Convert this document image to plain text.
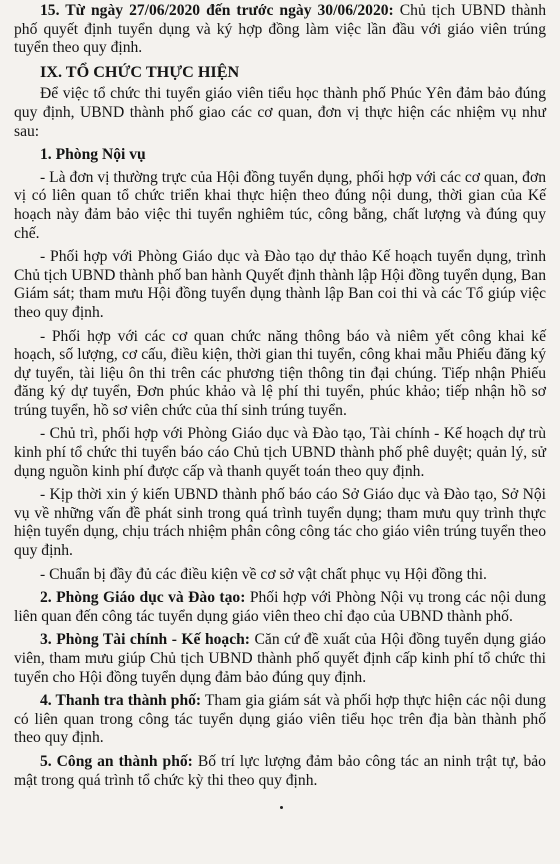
15. Từ ngày 27/06/2020 đến trước ngày 30/06/2020: Chủ tịch UBND thành phố quyết định tuyển dụng và ký hợp đồng làm việc lần đầu với giáo viên trúng tuyển theo quy định.

IX. TỔ CHỨC THỰC HIỆN

Để việc tổ chức thi tuyển giáo viên tiểu học thành phố Phúc Yên đảm bảo đúng quy định, UBND thành phố giao các cơ quan, đơn vị thực hiện các nhiệm vụ như sau:

1. Phòng Nội vụ

- Là đơn vị thường trực của Hội đồng tuyển dụng, phối hợp với các cơ quan, đơn vị có liên quan tổ chức triển khai thực hiện theo đúng nội dung, thời gian của Kế hoạch này đảm bảo việc thi tuyển nghiêm túc, công bằng, chất lượng và đúng quy chế.

- Phối hợp với Phòng Giáo dục và Đào tạo dự thảo Kế hoạch tuyển dụng, trình Chủ tịch UBND thành phố ban hành Quyết định thành lập Hội đồng tuyển dụng, Ban Giám sát; tham mưu Hội đồng tuyển dụng thành lập Ban coi thi và các Tổ giúp việc theo quy định.

- Phối hợp với các cơ quan chức năng thông báo và niêm yết công khai kế hoạch, số lượng, cơ cấu, điều kiện, thời gian thi tuyển, công khai mẫu Phiếu đăng ký dự tuyển, tài liệu ôn thi trên các phương tiện thông tin đại chúng. Tiếp nhận Phiếu đăng ký dự tuyển, Đơn phúc khảo và lệ phí thi tuyển, phúc khảo; tiếp nhận hồ sơ trúng tuyển, hồ sơ viên chức của thí sinh trúng tuyển.

- Chủ trì, phối hợp với Phòng Giáo dục và Đào tạo, Tài chính - Kế hoạch dự trù kinh phí tổ chức thi tuyển báo cáo Chủ tịch UBND thành phố phê duyệt; quản lý, sử dụng nguồn kinh phí được cấp và thanh quyết toán theo quy định.

- Kịp thời xin ý kiến UBND thành phố báo cáo Sở Giáo dục và Đào tạo, Sở Nội vụ về những vấn đề phát sinh trong quá trình tuyển dụng; tham mưu quy trình thực hiện tuyển dụng, chịu trách nhiệm phân công công tác cho giáo viên trúng tuyển theo quy định.

- Chuẩn bị đầy đủ các điều kiện về cơ sở vật chất phục vụ Hội đồng thi.

2. Phòng Giáo dục và Đào tạo: Phối hợp với Phòng Nội vụ trong các nội dung liên quan đến công tác tuyển dụng giáo viên theo chỉ đạo của UBND thành phố.

3. Phòng Tài chính - Kế hoạch: Căn cứ đề xuất của Hội đồng tuyển dụng giáo viên, tham mưu giúp Chủ tịch UBND thành phố quyết định cấp kinh phí tổ chức thi tuyển cho Hội đồng tuyển dụng đảm bảo đúng quy định.

4. Thanh tra thành phố: Tham gia giám sát và phối hợp thực hiện các nội dung có liên quan trong công tác tuyển dụng giáo viên tiểu học trên địa bàn thành phố theo quy định.

5. Công an thành phố: Bố trí lực lượng đảm bảo công tác an ninh trật tự, bảo mật trong quá trình tổ chức kỳ thi theo quy định.
